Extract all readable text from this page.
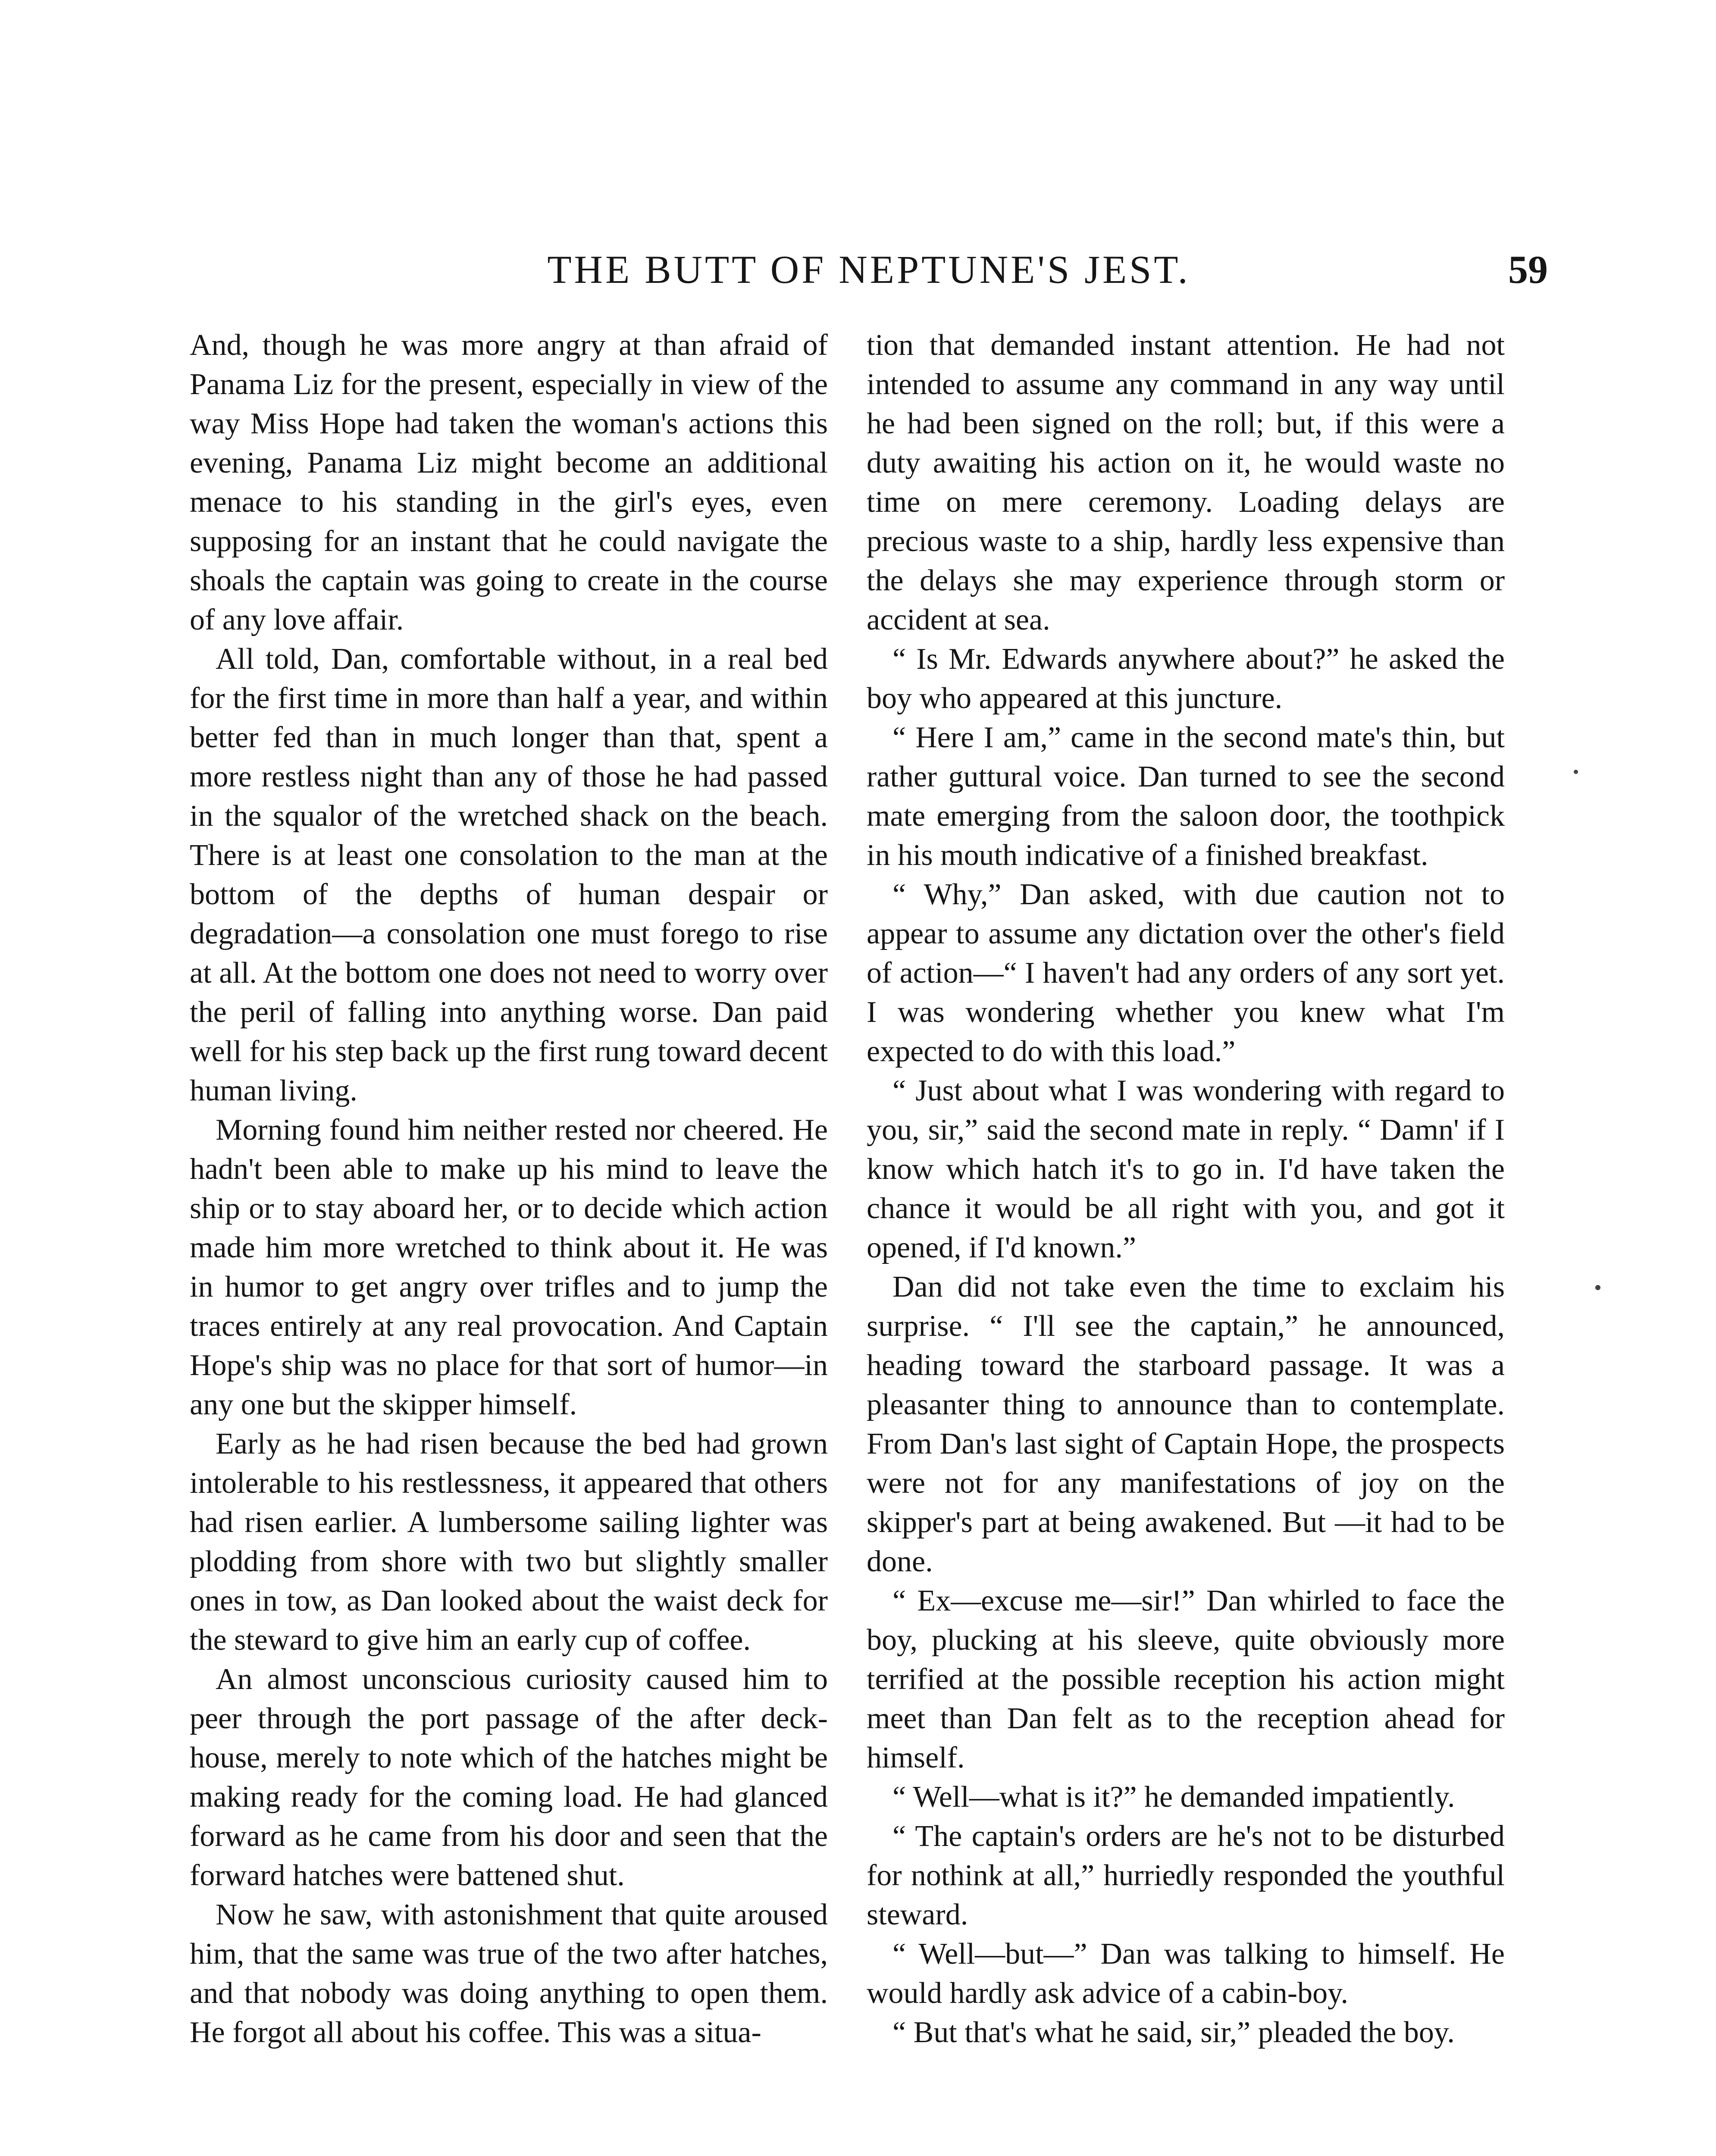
THE BUTT OF NEPTUNE'S JEST.	59

And, though he was more angry at than afraid of Panama Liz for the present, especially in view of the way Miss Hope had taken the woman's actions this evening, Panama Liz might become an additional menace to his standing in the girl's eyes, even supposing for an instant that he could navigate the shoals the captain was going to create in the course of any love affair.

All told, Dan, comfortable without, in a real bed for the first time in more than half a year, and within better fed than in much longer than that, spent a more restless night than any of those he had passed in the squalor of the wretched shack on the beach. There is at least one consolation to the man at the bottom of the depths of human despair or degradation—a consolation one must forego to rise at all. At the bottom one does not need to worry over the peril of falling into anything worse. Dan paid well for his step back up the first rung toward decent human living.

Morning found him neither rested nor cheered. He hadn't been able to make up his mind to leave the ship or to stay aboard her, or to decide which action made him more wretched to think about it. He was in humor to get angry over trifles and to jump the traces entirely at any real provocation. And Captain Hope's ship was no place for that sort of humor—in any one but the skipper himself.

Early as he had risen because the bed had grown intolerable to his restlessness, it appeared that others had risen earlier. A lumbersome sailing lighter was plodding from shore with two but slightly smaller ones in tow, as Dan looked about the waist deck for the steward to give him an early cup of coffee.

An almost unconscious curiosity caused him to peer through the port passage of the after deck-house, merely to note which of the hatches might be making ready for the coming load. He had glanced forward as he came from his door and seen that the forward hatches were battened shut.

Now he saw, with astonishment that quite aroused him, that the same was true of the two after hatches, and that nobody was doing anything to open them. He forgot all about his coffee. This was a situa-

tion that demanded instant attention. He had not intended to assume any command in any way until he had been signed on the roll; but, if this were a duty awaiting his action on it, he would waste no time on mere ceremony. Loading delays are precious waste to a ship, hardly less expensive than the delays she may experience through storm or accident at sea.

“ Is Mr. Edwards anywhere about?” he asked the boy who appeared at this juncture.

“ Here I am,” came in the second mate's thin, but rather guttural voice. Dan turned to see the second mate emerging from the saloon door, the toothpick in his mouth indicative of a finished breakfast.

“ Why,” Dan asked, with due caution not to appear to assume any dictation over the other's field of action—“ I haven't had any orders of any sort yet. I was wondering whether you knew what I'm expected to do with this load.”

“ Just about what I was wondering with regard to you, sir,” said the second mate in reply. “ Damn' if I know which hatch it's to go in. I'd have taken the chance it would be all right with you, and got it opened, if I'd known.”

Dan did not take even the time to exclaim his surprise. “ I'll see the captain,” he announced, heading toward the starboard passage. It was a pleasanter thing to announce than to contemplate. From Dan's last sight of Captain Hope, the prospects were not for any manifestations of joy on the skipper's part at being awakened. But —it had to be done.

“ Ex—excuse me—sir!” Dan whirled to face the boy, plucking at his sleeve, quite obviously more terrified at the possible reception his action might meet than Dan felt as to the reception ahead for himself.

“ Well—what is it?” he demanded impatiently.

“ The captain's orders are he's not to be disturbed for nothink at all,” hurriedly responded the youthful steward.

“ Well—but—” Dan was talking to himself. He would hardly ask advice of a cabin-boy.

“ But that's what he said, sir,” pleaded the boy.
